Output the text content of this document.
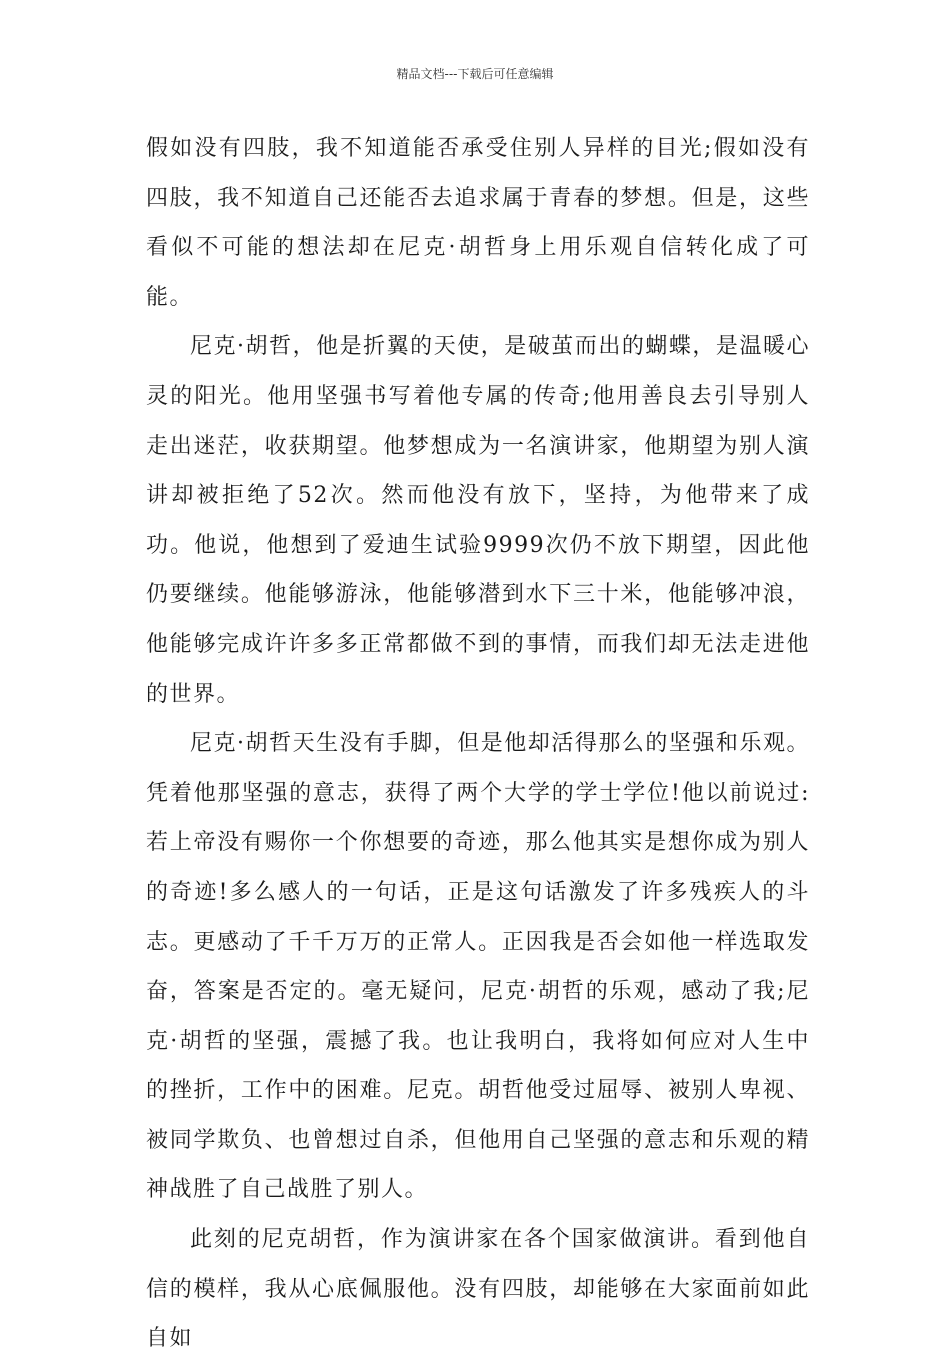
精品文档---下载后可任意编辑

假如没有四肢，我不知道能否承受住别人异样的目光;假如没有四肢，我不知道自己还能否去追求属于青春的梦想。但是，这些看似不可能的想法却在尼克·胡哲身上用乐观自信转化成了可能。

尼克·胡哲，他是折翼的天使，是破茧而出的蝴蝶，是温暖心灵的阳光。他用坚强书写着他专属的传奇;他用善良去引导别人走出迷茫，收获期望。他梦想成为一名演讲家，他期望为别人演讲却被拒绝了52次。然而他没有放下，坚持，为他带来了成功。他说，他想到了爱迪生试验9999次仍不放下期望，因此他仍要继续。他能够游泳，他能够潜到水下三十米，他能够冲浪，他能够完成许许多多正常都做不到的事情，而我们却无法走进他的世界。

尼克·胡哲天生没有手脚，但是他却活得那么的坚强和乐观。凭着他那坚强的意志，获得了两个大学的学士学位!他以前说过:若上帝没有赐你一个你想要的奇迹，那么他其实是想你成为别人的奇迹!多么感人的一句话，正是这句话激发了许多残疾人的斗志。更感动了千千万万的正常人。正因我是否会如他一样选取发奋，答案是否定的。毫无疑问，尼克·胡哲的乐观，感动了我;尼克·胡哲的坚强，震撼了我。也让我明白，我将如何应对人生中的挫折，工作中的困难。尼克。胡哲他受过屈辱、被别人卑视、被同学欺负、也曾想过自杀，但他用自己坚强的意志和乐观的精神战胜了自己战胜了别人。

此刻的尼克胡哲，作为演讲家在各个国家做演讲。看到他自信的模样，我从心底佩服他。没有四肢，却能够在大家面前如此自如
